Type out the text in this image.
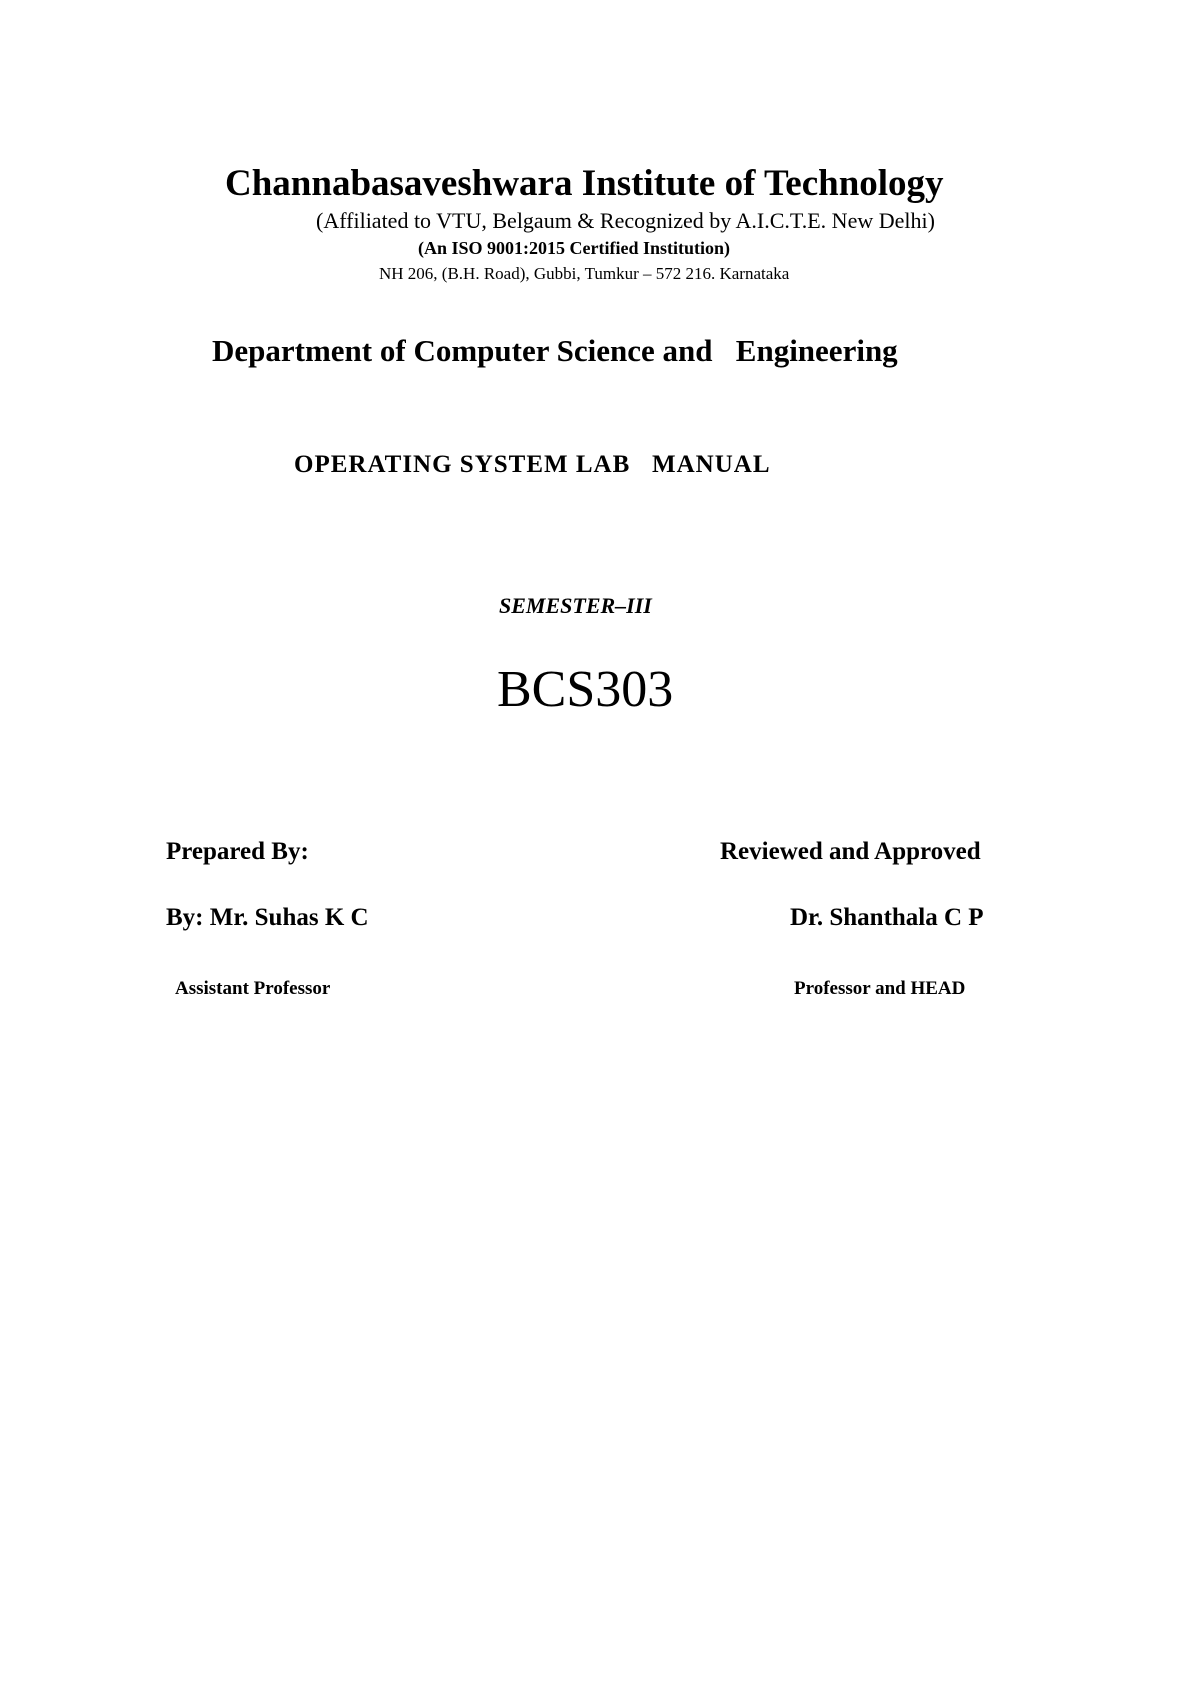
Channabasaveshwara Institute of Technology
(Affiliated to VTU, Belgaum & Recognized by A.I.C.T.E. New Delhi)
(An ISO 9001:2015 Certified Institution)
NH 206, (B.H. Road), Gubbi, Tumkur – 572 216. Karnataka
Department of Computer Science and   Engineering
OPERATING SYSTEM LAB   MANUAL
SEMESTER–III
BCS303
Prepared By:	Reviewed and Approved
By: Mr. Suhas K C	Dr. Shanthala C P
Assistant Professor	Professor and HEAD
